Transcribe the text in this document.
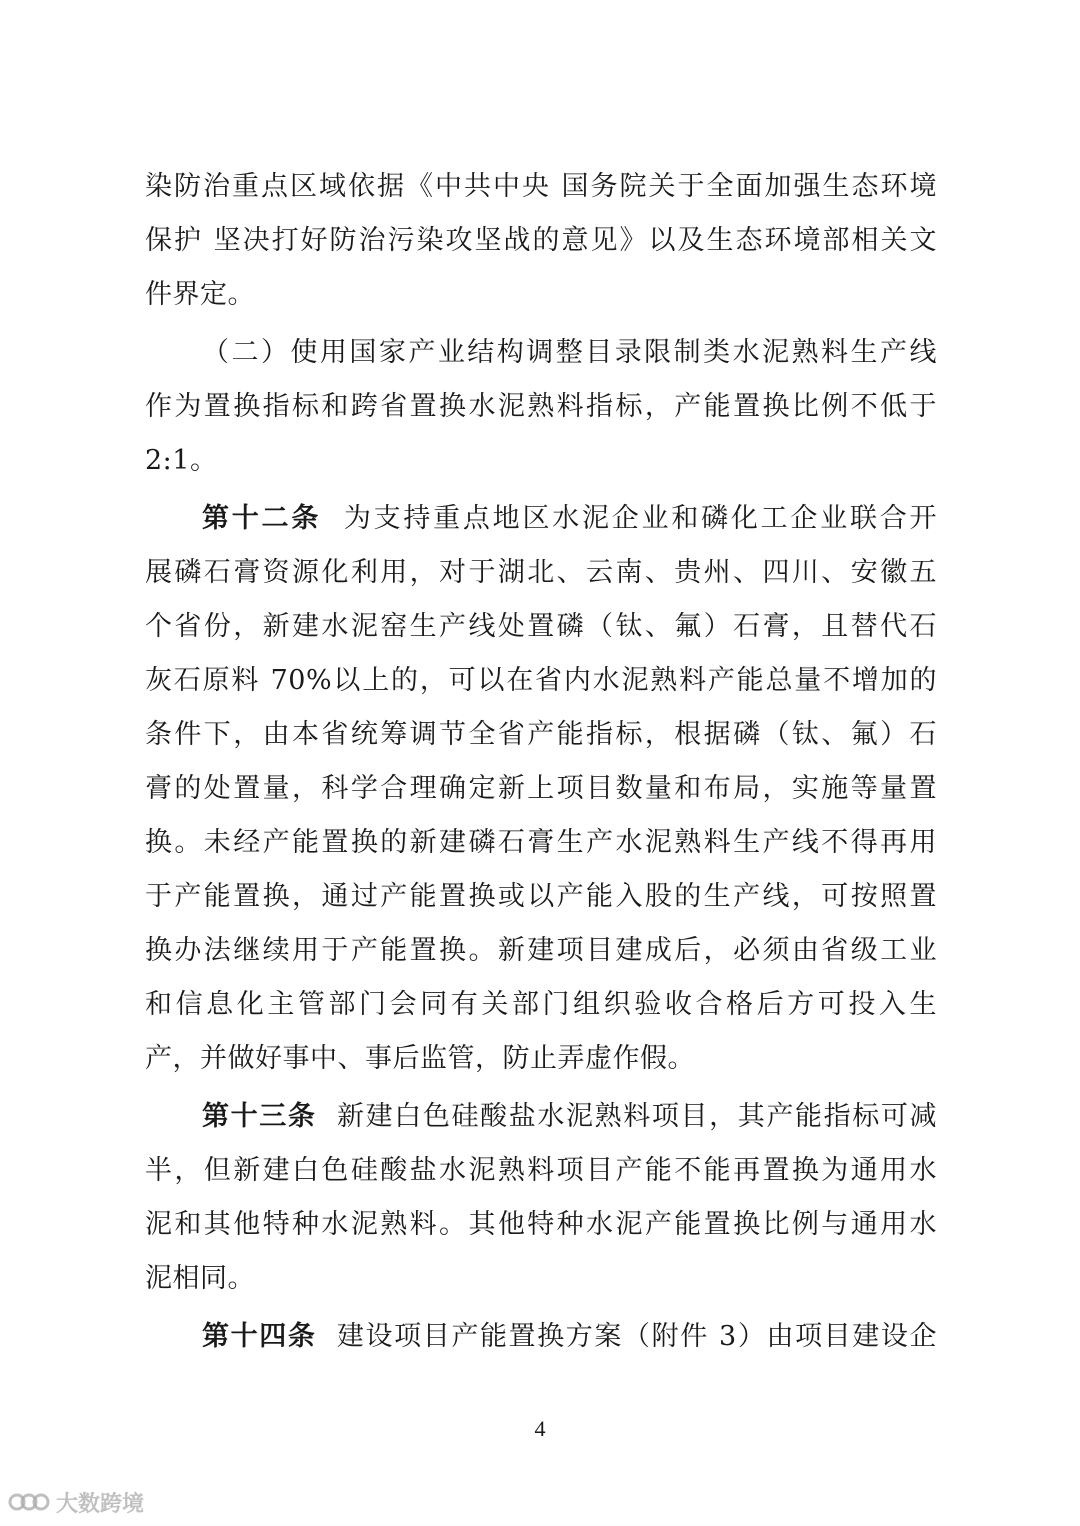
染防治重点区域依据《中共中央 国务院关于全面加强生态环境
保护 坚决打好防治污染攻坚战的意见》以及生态环境部相关文
件界定。
（二）使用国家产业结构调整目录限制类水泥熟料生产线
作为置换指标和跨省置换水泥熟料指标，产能置换比例不低于
2:1。
第十二条 为支持重点地区水泥企业和磷化工企业联合开
展磷石膏资源化利用，对于湖北、云南、贵州、四川、安徽五
个省份，新建水泥窑生产线处置磷（钛、氟）石膏，且替代石
灰石原料 70%以上的，可以在省内水泥熟料产能总量不增加的
条件下，由本省统筹调节全省产能指标，根据磷（钛、氟）石
膏的处置量，科学合理确定新上项目数量和布局，实施等量置
换。未经产能置换的新建磷石膏生产水泥熟料生产线不得再用
于产能置换，通过产能置换或以产能入股的生产线，可按照置
换办法继续用于产能置换。新建项目建成后，必须由省级工业
和信息化主管部门会同有关部门组织验收合格后方可投入生
产，并做好事中、事后监管，防止弄虚作假。
第十三条 新建白色硅酸盐水泥熟料项目，其产能指标可减
半，但新建白色硅酸盐水泥熟料项目产能不能再置换为通用水
泥和其他特种水泥熟料。其他特种水泥产能置换比例与通用水
泥相同。
第十四条 建设项目产能置换方案（附件 3）由项目建设企
4
大数跨境
